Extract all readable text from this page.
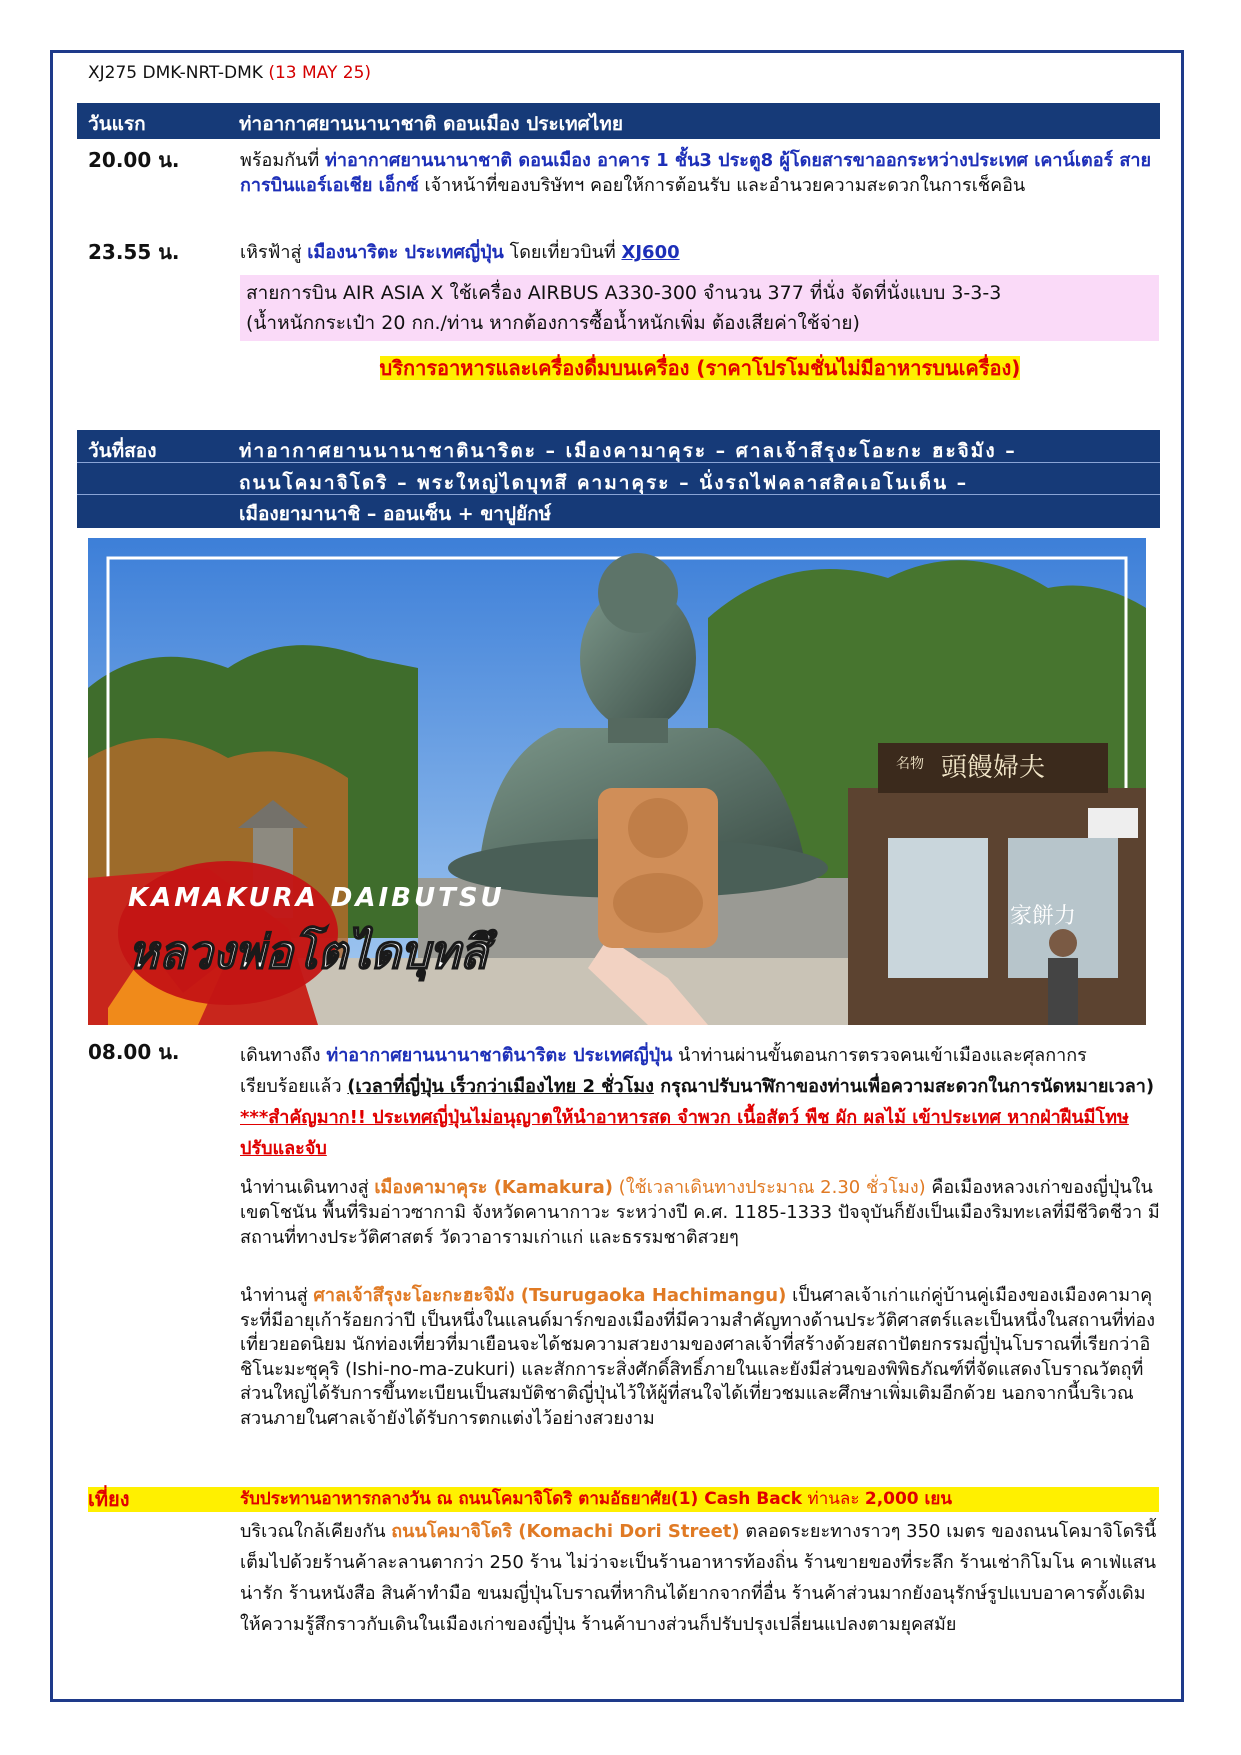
XJ275 DMK-NRT-DMK (13 MAY 25)
วันแรก	ท่าอากาศยานนานาชาติ ดอนเมือง ประเทศไทย
20.00 น.	พร้อมกันที่ ท่าอากาศยานนานาชาติ ดอนเมือง อาคาร 1 ชั้น3 ประตู8 ผู้โดยสารขาออกระหว่างประเทศ เคาน์เตอร์ สายการบินแอร์เอเชีย เอ็กซ์ เจ้าหน้าที่ของบริษัทฯ คอยให้การต้อนรับ และอำนวยความสะดวกในการเช็คอิน
23.55 น.	เหิรฟ้าสู่ เมืองนาริตะ ประเทศญี่ปุ่น โดยเที่ยวบินที่ XJ600
สายการบิน AIR ASIA X ใช้เครื่อง AIRBUS A330-300 จำนวน 377 ที่นั่ง จัดที่นั่งแบบ 3-3-3
(น้ำหนักกระเป๋า 20 กก./ท่าน หากต้องการซื้อน้ำหนักเพิ่ม ต้องเสียค่าใช้จ่าย)
บริการอาหารและเครื่องดื่มบนเครื่อง (ราคาโปรโมชั่นไม่มีอาหารบนเครื่อง)
วันที่สอง	ท่าอากาศยานนานาชาตินาริตะ – เมืองคามาคุระ – ศาลเจ้าสึรุงะโอะกะ ฮะจิมัง –
ถนนโคมาจิโดริ – พระใหญ่ไดบุทสึ คามาคุระ – นั่งรถไฟคลาสสิคเอโนเด็น –
เมืองยามานาชิ – ออนเซ็น + ขาปูยักษ์
頭饅婦夫
家餅力
名物
KAMAKURA DAIBUTSU
หลวงพ่อโตไดบุทสึ
08.00 น.	เดินทางถึง ท่าอากาศยานนานาชาตินาริตะ ประเทศญี่ปุ่น นำท่านผ่านขั้นตอนการตรวจคนเข้าเมืองและศุลกากร เรียบร้อยแล้ว (เวลาที่ญี่ปุ่น เร็วกว่าเมืองไทย 2 ชั่วโมง กรุณาปรับนาฬิกาของท่านเพื่อความสะดวกในการนัดหมายเวลา) ***สำคัญมาก!! ประเทศญี่ปุ่นไม่อนุญาตให้นำอาหารสด จำพวก เนื้อสัตว์ พืช ผัก ผลไม้ เข้าประเทศ หากฝ่าฝืนมีโทษปรับและจับ
นำท่านเดินทางสู่ เมืองคามาคุระ (Kamakura) (ใช้เวลาเดินทางประมาณ 2.30 ชั่วโมง) คือเมืองหลวงเก่าของญี่ปุ่นในเขตโชนัน พื้นที่ริมอ่าวซากามิ จังหวัดคานากาวะ ระหว่างปี ค.ศ. 1185-1333 ปัจจุบันก็ยังเป็นเมืองริมทะเลที่มีชีวิตชีวา มีสถานที่ทางประวัติศาสตร์ วัดวาอารามเก่าแก่ และธรรมชาติสวยๆ
นำท่านสู่ ศาลเจ้าสึรุงะโอะกะฮะจิมัง (Tsurugaoka Hachimangu) เป็นศาลเจ้าเก่าแก่คู่บ้านคู่เมืองของเมืองคามาคุระที่มีอายุเก้าร้อยกว่าปี เป็นหนึ่งในแลนด์มาร์กของเมืองที่มีความสำคัญทางด้านประวัติศาสตร์และเป็นหนึ่งในสถานที่ท่องเที่ยวยอดนิยม นักท่องเที่ยวที่มาเยือนจะได้ชมความสวยงามของศาลเจ้าที่สร้างด้วยสถาปัตยกรรมญี่ปุ่นโบราณที่เรียกว่าอิชิโนะมะซุคุริ (Ishi-no-ma-zukuri) และสักการะสิ่งศักดิ์สิทธิ์ภายในและยังมีส่วนของพิพิธภัณฑ์ที่จัดแสดงโบราณวัตถุที่ส่วนใหญ่ได้รับการขึ้นทะเบียนเป็นสมบัติชาติญี่ปุ่นไว้ให้ผู้ที่สนใจได้เที่ยวชมและศึกษาเพิ่มเติมอีกด้วย นอกจากนี้บริเวณสวนภายในศาลเจ้ายังได้รับการตกแต่งไว้อย่างสวยงาม
เที่ยง	รับประทานอาหารกลางวัน ณ ถนนโคมาจิโดริ ตามอัธยาศัย(1) Cash Back ท่านละ 2,000 เยน
บริเวณใกล้เคียงกัน ถนนโคมาจิโดริ (Komachi Dori Street) ตลอดระยะทางราวๆ 350 เมตร ของถนนโคมาจิโดรินี้ เต็มไปด้วยร้านค้าละลานตากว่า 250 ร้าน ไม่ว่าจะเป็นร้านอาหารท้องถิ่น ร้านขายของที่ระลึก ร้านเช่ากิโมโน คาเฟ่แสนน่ารัก ร้านหนังสือ สินค้าทำมือ ขนมญี่ปุ่นโบราณที่หากินได้ยากจากที่อื่น ร้านค้าส่วนมากยังอนุรักษ์รูปแบบอาคารดั้งเดิม ให้ความรู้สึกราวกับเดินในเมืองเก่าของญี่ปุ่น ร้านค้าบางส่วนก็ปรับปรุงเปลี่ยนแปลงตามยุคสมัย
